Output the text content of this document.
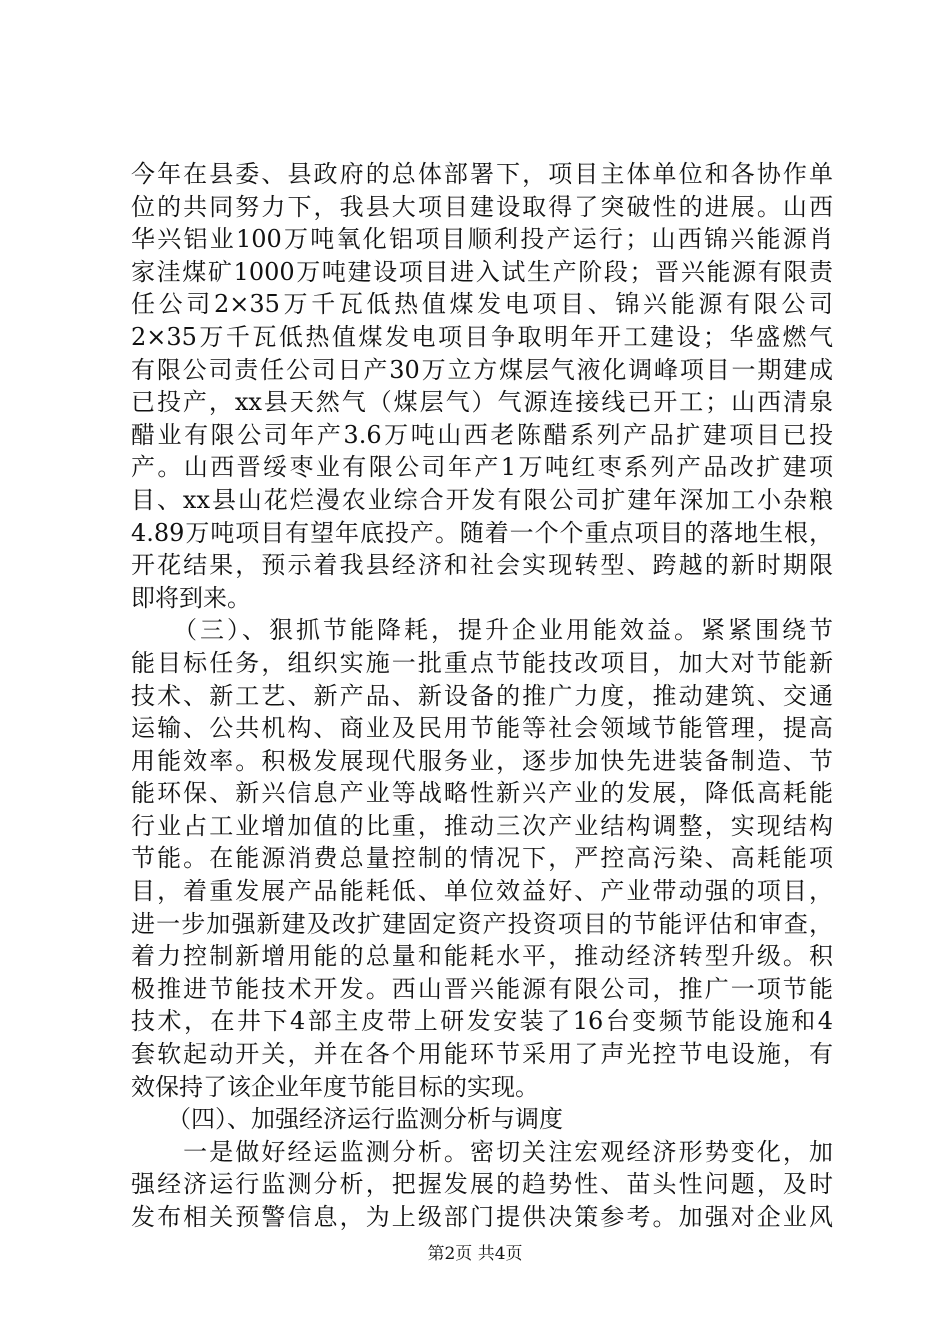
今年在县委、县政府的总体部署下，项目主体单位和各协作单
位的共同努力下，我县大项目建设取得了突破性的进展。山西
华兴铝业100万吨氧化铝项目顺利投产运行；山西锦兴能源肖
家洼煤矿1000万吨建设项目进入试生产阶段；晋兴能源有限责
任公司2×35万千瓦低热值煤发电项目、锦兴能源有限公司
2×35万千瓦低热值煤发电项目争取明年开工建设；华盛燃气
有限公司责任公司日产30万立方煤层气液化调峰项目一期建成
已投产，xx县天然气（煤层气）气源连接线已开工；山西清泉
醋业有限公司年产3.6万吨山西老陈醋系列产品扩建项目已投
产。山西晋绥枣业有限公司年产1万吨红枣系列产品改扩建项
目、xx县山花烂漫农业综合开发有限公司扩建年深加工小杂粮
4.89万吨项目有望年底投产。随着一个个重点项目的落地生根，
开花结果，预示着我县经济和社会实现转型、跨越的新时期限
即将到来。
　　（三）、狠抓节能降耗，提升企业用能效益。紧紧围绕节
能目标任务，组织实施一批重点节能技改项目，加大对节能新
技术、新工艺、新产品、新设备的推广力度，推动建筑、交通
运输、公共机构、商业及民用节能等社会领域节能管理，提高
用能效率。积极发展现代服务业，逐步加快先进装备制造、节
能环保、新兴信息产业等战略性新兴产业的发展，降低高耗能
行业占工业增加值的比重，推动三次产业结构调整，实现结构
节能。在能源消费总量控制的情况下，严控高污染、高耗能项
目，着重发展产品能耗低、单位效益好、产业带动强的项目，
进一步加强新建及改扩建固定资产投资项目的节能评估和审查，
着力控制新增用能的总量和能耗水平，推动经济转型升级。积
极推进节能技术开发。西山晋兴能源有限公司，推广一项节能
技术，在井下4部主皮带上研发安装了16台变频节能设施和4
套软起动开关，并在各个用能环节采用了声光控节电设施，有
效保持了该企业年度节能目标的实现。
　　（四）、加强经济运行监测分析与调度
　　一是做好经运监测分析。密切关注宏观经济形势变化，加
强经济运行监测分析，把握发展的趋势性、苗头性问题，及时
发布相关预警信息，为上级部门提供决策参考。加强对企业风
第2页 共4页
